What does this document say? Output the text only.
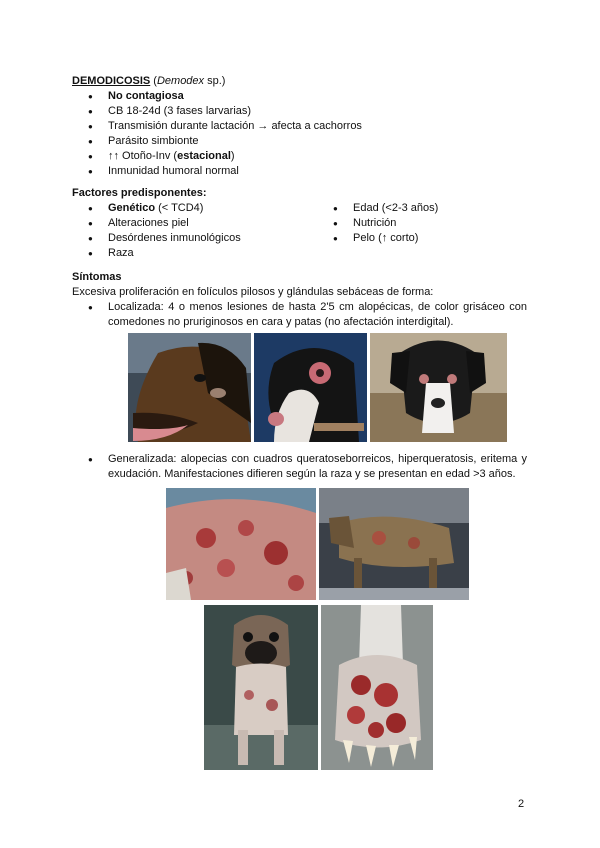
DEMODICOSIS (Demodex sp.)
● No contagiosa
● CB 18-24d (3 fases larvarias)
● Transmisión durante lactación → afecta a cachorros
● Parásito simbionte
● ↑↑ Otoño-Inv (estacional)
● Inmunidad humoral normal
Factores predisponentes:
● Genético (< TCD4)
● Alteraciones piel
● Desórdenes inmunológicos
● Raza
● Edad (<2-3 años)
● Nutrición
● Pelo (↑ corto)
Síntomas
Excesiva proliferación en folículos pilosos y glándulas sebáceas de forma:
● Localizada: 4 o menos lesiones de hasta 2'5 cm alopécicas, de color grisáceo con comedones no pruriginosos en cara y patas (no afectación interdigital).
● Generalizada: alopecias con cuadros queratoseborreicos, hiperqueratosis, eritema y exudación. Manifestaciones difieren según la raza y se presentan en edad >3 años.
2
